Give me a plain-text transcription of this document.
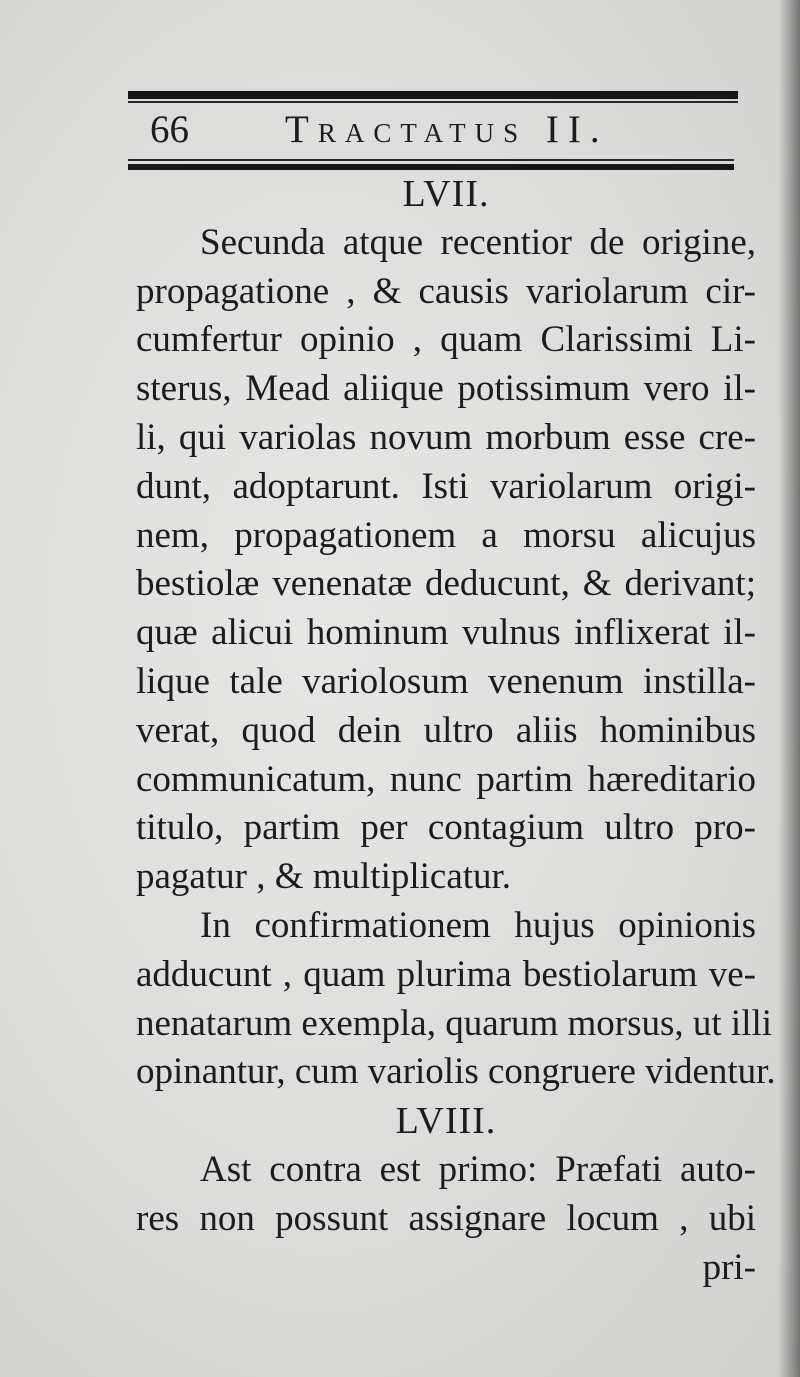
66 Tractatus II.
LVII.
Secunda atque recentior de origine,
propagatione , & causis variolarum cir-
cumfertur opinio , quam Clarissimi Li-
sterus, Mead aliique potissimum vero il-
li, qui variolas novum morbum esse cre-
dunt, adoptarunt. Isti variolarum origi-
nem, propagationem a morsu alicujus
bestiolæ venenatæ deducunt, & derivant;
quæ alicui hominum vulnus inflixerat il-
lique tale variolosum venenum instilla-
verat, quod dein ultro aliis hominibus
communicatum, nunc partim hæreditario
titulo, partim per contagium ultro pro-
pagatur , & multiplicatur.
In confirmationem hujus opinionis
adducunt , quam plurima bestiolarum ve-
nenatarum exempla, quarum morsus, ut illi
opinantur, cum variolis congruere videntur.
LVIII.
Ast contra est primo: Præfati auto-
res non possunt assignare locum , ubi
pri-
